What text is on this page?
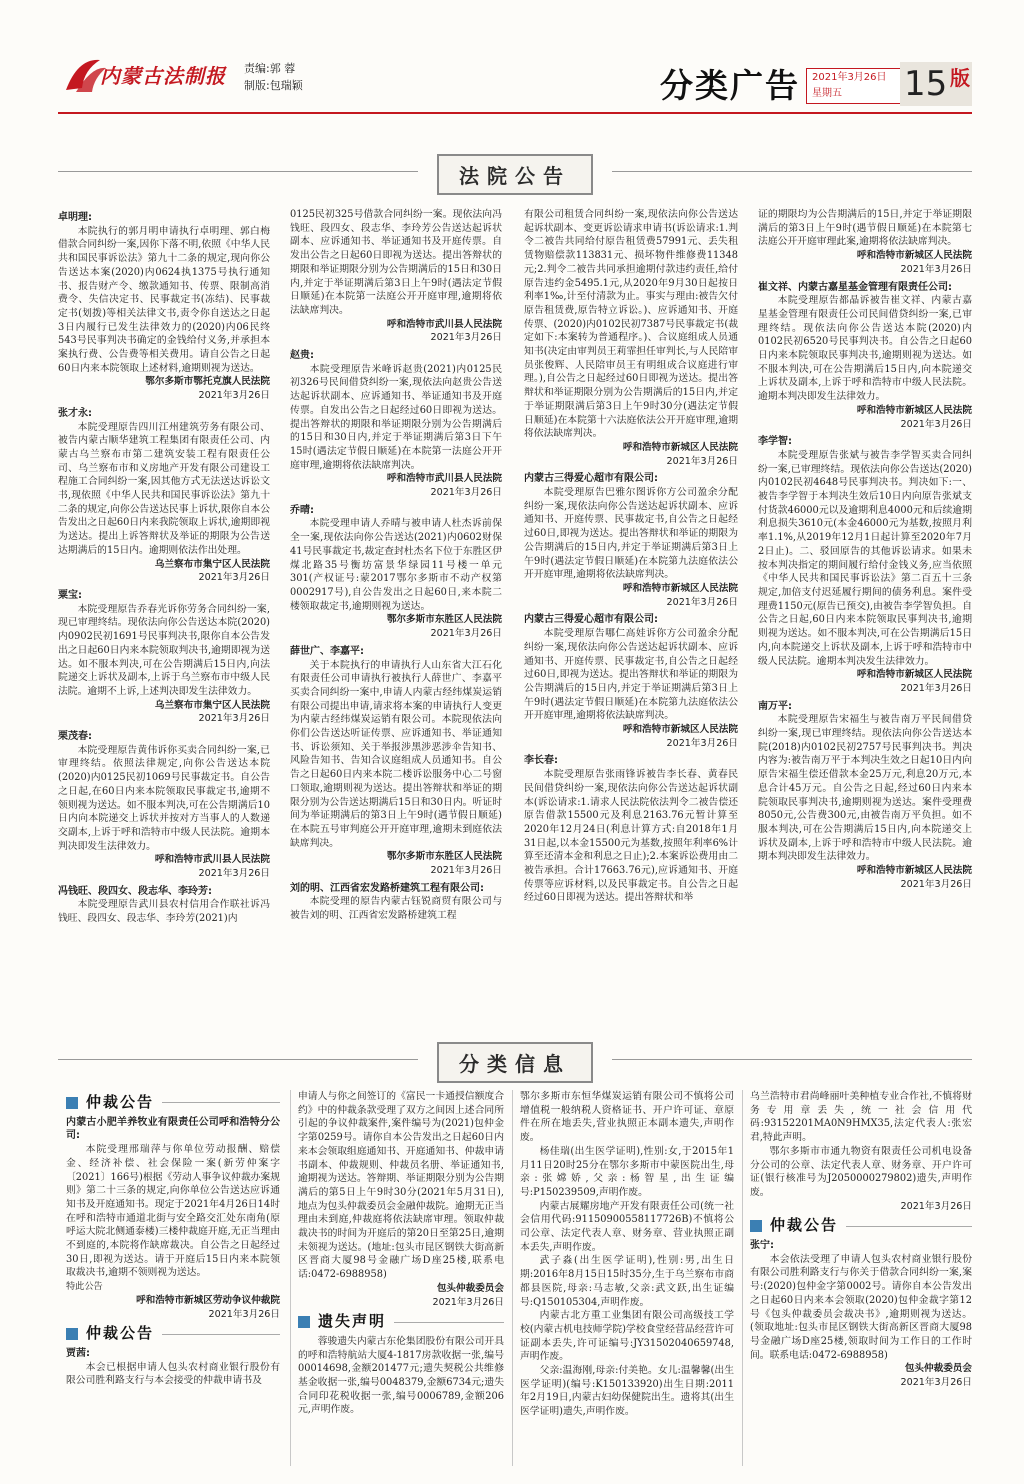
内蒙古法制报 责编:郭 蓉
制版:包瑞颖	分类广告 2021年3月26日
星期五	15 版
法院公告

卓明理:

本院执行的郭月明申请执行卓明理、郭白梅借款合同纠纷一案,因你下落不明,依照《中华人民共和国民事诉讼法》第九十二条的规定,现向你公告送达本案(2020)内0624执1375号执行通知书、报告财产令、缴款通知书、传票、限制高消费令、失信决定书、民事裁定书(冻结)、民事裁定书(划拨)等相关法律文书,责令你自送达之日起3日内履行已发生法律效力的(2020)内06民终543号民事判决书确定的金钱给付义务,并承担本案执行费、公告费等相关费用。请自公告之日起60日内来本院领取上述材料,逾期则视为送达。

鄂尔多斯市鄂托克旗人民法院

2021年3月26日

张才永:

本院受理原告四川江州建筑劳务有限公司、被告内蒙古顺华建筑工程集团有限责任公司、内蒙古乌兰察布市第二建筑安装工程有限责任公司、乌兰察布市和义房地产开发有限公司建设工程施工合同纠纷一案,因其他方式无法送达诉讼文书,现依照《中华人民共和国民事诉讼法》第九十二条的规定,向你公告送达民事上诉状,限你自本公告发出之日起60日内来我院领取上诉状,逾期即视为送达。提出上诉答辩状及举证的期限为公告送达期满后的15日内。逾期则依法作出处理。

乌兰察布市集宁区人民法院

2021年3月26日

粟宝:

本院受理原告乔春光诉你劳务合同纠纷一案,现已审理终结。现依法向你公告送达本院(2020)内0902民初1691号民事判决书,限你自本公告发出之日起60日内来本院领取判决书,逾期即视为送达。如不服本判决,可在公告期满后15日内,向法院递交上诉状及副本,上诉于乌兰察布市中级人民法院。逾期不上诉,上述判决即发生法律效力。

乌兰察布市集宁区人民法院

2021年3月26日

栗茂春:

本院受理原告黄伟诉你买卖合同纠纷一案,已审理终结。依照法律规定,向你公告送达本院(2020)内0125民初1069号民事裁定书。自公告之日起,在60日内来本院领取民事裁定书,逾期不领则视为送达。如不服本判决,可在公告期满后10日内向本院递交上诉状并按对方当事人的人数递交副本,上诉于呼和浩特市中级人民法院。逾期本判决即发生法律效力。

呼和浩特市武川县人民法院

2021年3月26日

冯钱旺、段四女、段志华、李玲芳:

本院受理原告武川县农村信用合作联社诉冯钱旺、段四女、段志华、李玲芳(2021)内

0125民初325号借款合同纠纷一案。现依法向冯钱旺、段四女、段志华、李玲芳公告送达起诉状副本、应诉通知书、举证通知书及开庭传票。自发出公告之日起60日即视为送达。提出答辩状的期限和举证期限分别为公告期满后的15日和30日内,并定于举证期满后第3日上午9时(遇法定节假日顺延)在本院第一法庭公开开庭审理,逾期将依法缺席判决。

呼和浩特市武川县人民法院

2021年3月26日

赵贵:

本院受理原告米峰诉赵贵(2021)内0125民初326号民间借贷纠纷一案,现依法向赵贵公告送达起诉状副本、应诉通知书、举证通知书及开庭传票。自发出公告之日起经过60日即视为送达。提出答辩状的期限和举证期限分别为公告期满后的15日和30日内,并定于举证期满后第3日下午15时(遇法定节假日顺延)在本院第一法庭公开开庭审理,逾期将依法缺席判决。

呼和浩特市武川县人民法院

2021年3月26日

乔晴:

本院受理申请人乔晴与被申请人杜杰诉前保全一案,现依法向你公告送达(2021)内0602财保41号民事裁定书,裁定查封杜杰名下位于东胜区伊煤北路35号衡坊富景华绿园11号楼一单元301(产权证号:蒙2017鄂尔多斯市不动产权第0002917号),自公告发出之日起60日,来本院二楼领取裁定书,逾期则视为送达。

鄂尔多斯市东胜区人民法院

2021年3月26日

薛世广、李嘉平:

关于本院执行的申请执行人山东省大江石化有限责任公司申请执行被执行人薛世广、李嘉平买卖合同纠纷一案中,申请人内蒙古经纬煤炭运销有限公司提出申请,请求将本案的申请执行人变更为内蒙古经纬煤炭运销有限公司。本院现依法向你们公告送达听证传票、应诉通知书、举证通知书、诉讼须知、关于举报涉黑涉恶涉伞告知书、风险告知书、告知合议庭组成人员通知书。自公告之日起60日内来本院二楼诉讼服务中心二号窗口领取,逾期则视为送达。提出答辩状和举证的期限分别为公告送达期满后15日和30日内。听证时间为举证期满后的第3日上午9时(遇节假日顺延)在本院五号审判庭公开开庭审理,逾期未到庭依法缺席判决。

鄂尔多斯市东胜区人民法院

2021年3月26日

刘的明、江西省宏发路桥建筑工程有限公司:

本院受理的原告内蒙古钰锐商贸有限公司与被告刘的明、江西省宏发路桥建筑工程

有限公司租赁合同纠纷一案,现依法向你公告送达起诉状副本、变更诉讼请求申请书(诉讼请求:1.判令二被告共同给付原告租赁费57991元、丢失租赁物赔偿款113831元、损坏物件维修费11348元;2.判令二被告共同承担逾期付款违约责任,给付原告违约金5495.1元,从2020年9月30日起按日利率1‰,计至付清款为止。事实与理由:被告欠付原告租赁费,原告特立诉讼。)、应诉通知书、开庭传票、(2020)内0102民初7387号民事裁定书(裁定如下:本案转为普通程序。)、合议庭组成人员通知书(决定由审判员王莉霏担任审判长,与人民陪审员张俊辉、人民陪审员王有明组成合议庭进行审理。),自公告之日起经过60日即视为送达。提出答辩状和举证期限分别为公告期满后的15日内,并定于举证期限满后第3日上午9时30分(遇法定节假日顺延)在本院第十六法庭依法公开开庭审理,逾期将依法缺席判决。

呼和浩特市新城区人民法院

2021年3月26日

内蒙古三得爱心超市有限公司:

本院受理原告巴雅尔图诉你方公司盈余分配纠纷一案,现依法向你公告送达起诉状副本、应诉通知书、开庭传票、民事裁定书,自公告之日起经过60日,即视为送达。提出答辩状和举证的期限为公告期满后的15日内,并定于举证期满后第3日上午9时(遇法定节假日顺延)在本院第九法庭依法公开开庭审理,逾期将依法缺席判决。

呼和浩特市新城区人民法院

2021年3月26日

内蒙古三得爱心超市有限公司:

本院受理原告哪仁高娃诉你方公司盈余分配纠纷一案,现依法向你公告送达起诉状副本、应诉通知书、开庭传票、民事裁定书,自公告之日起经过60日,即视为送达。提出答辩状和举证的期限为公告期满后的15日内,并定于举证期满后第3日上午9时(遇法定节假日顺延)在本院第九法庭依法公开开庭审理,逾期将依法缺席判决。

呼和浩特市新城区人民法院

2021年3月26日

李长春:

本院受理原告张雨锋诉被告李长春、黄春民民间借贷纠纷一案,现依法向你公告送达起诉状副本(诉讼请求:1.请求人民法院依法判令二被告偿还原告借款15500元及利息2163.76元暂计算至2020年12月24日(利息计算方式:自2018年1月31日起,以本金15500元为基数,按照年利率6%计算至还清本金和利息之日止);2.本案诉讼费用由二被告承担。合计17663.76元),应诉通知书、开庭传票等应诉材料,以及民事裁定书。自公告之日起经过60日即视为送达。提出答辩状和举

证的期限均为公告期满后的15日,并定于举证期限满后的第3日上午9时(遇节假日顺延)在本院第七法庭公开开庭审理此案,逾期将依法缺席判决。

呼和浩特市新城区人民法院

2021年3月26日

崔文祥、内蒙古嘉星基金管理有限责任公司:

本院受理原告都晶诉被告崔文祥、内蒙古嘉星基金管理有限责任公司民间借贷纠纷一案,已审理终结。现依法向你公告送达本院(2020)内0102民初6520号民事判决书。自公告之日起60日内来本院领取民事判决书,逾期则视为送达。如不服本判决,可在公告期满后15日内,向本院递交上诉状及副本,上诉于呼和浩特市中级人民法院。逾期本判决即发生法律效力。

呼和浩特市新城区人民法院

2021年3月26日

李学智:

本院受理原告张斌与被告李学智买卖合同纠纷一案,已审理终结。现依法向你公告送达(2020)内0102民初4648号民事判决书。判决如下:一、被告李学智于本判决生效后10日内向原告张斌支付货款46000元以及逾期利息4000元和后续逾期利息损失3610元(本金46000元为基数,按照月利率1.1%,从2019年12月1日起计算至2020年7月2日止)。二、驳回原告的其他诉讼请求。如果未按本判决指定的期间履行给付金钱义务,应当依照《中华人民共和国民事诉讼法》第二百五十三条规定,加倍支付迟延履行期间的债务利息。案件受理费1150元(原告已预交),由被告李学智负担。自公告之日起,60日内来本院领取民事判决书,逾期则视为送达。如不服本判决,可在公告期满后15日内,向本院递交上诉状及副本,上诉于呼和浩特市中级人民法院。逾期本判决发生法律效力。

呼和浩特市新城区人民法院

2021年3月26日

南万平:

本院受理原告宋福生与被告南万平民间借贷纠纷一案,现已审理终结。现依法向你公告送达本院(2018)内0102民初2757号民事判决书。判决内容为:被告南万平于本判决生效之日起10日内向原告宋福生偿还借款本金25万元,利息20万元,本息合计45万元。自公告之日起,经过60日内来本院领取民事判决书,逾期则视为送达。案件受理费8050元,公告费300元,由被告南万平负担。如不服本判决,可在公告期满后15日内,向本院递交上诉状及副本,上诉于呼和浩特市中级人民法院。逾期本判决即发生法律效力。

呼和浩特市新城区人民法院

2021年3月26日

分类信息
仲裁公告

内蒙古小肥羊养牧业有限责任公司呼和浩特分公司:

本院受理邢瑞萍与你单位劳动报酬、赔偿金、经济补偿、社会保险一案(新劳仲案字〔2021〕166号)根据《劳动人事争议仲裁办案规则》第二十三条的规定,向你单位公告送达应诉通知书及开庭通知书。现定于2021年4月26日14时在呼和浩特市通道北街与安全路交汇处东南角(原呼运大院北侧通泰楼)三楼仲裁庭开庭,无正当理由不到庭的,本院将作缺席裁决。自公告之日起经过30日,即视为送达。请于开庭后15日内来本院领取裁决书,逾期不领则视为送达。

特此公告

呼和浩特市新城区劳动争议仲裁院

2021年3月26日

仲裁公告

贾茜:

本会已根据申请人包头农村商业银行股份有限公司胜利路支行与本会接受的仲裁申请书及

申请人与你之间签订的《富民一卡通授信额度合约》中的仲裁条款受理了双方之间因上述合同所引起的争议仲裁案件,案件编号为(2021)包仲金字第0259号。请你自本公告发出之日起60日内来本会领取组庭通知书、开庭通知书、仲裁申请书副本、仲裁规则、仲裁员名册、举证通知书,逾期视为送达。答辩期、举证期限分别为公告期满后的第5日上午9时30分(2021年5月31日),地点为包头仲裁委员会金融仲裁院。逾期无正当理由未到庭,仲裁庭将依法缺席审理。领取仲裁裁决书的时间为开庭后的第20日至第25日,逾期未领视为送达。(地址:包头市昆区钢铁大街高新区晋商大厦98号金融广场D座25楼,联系电话:0472-6988958)

包头仲裁委员会

2021年3月26日

遗失声明

蓉骏遗失内蒙古东伦集团股份有限公司开具的呼和浩特航站大厦4-1817房款收据一张,编号00014698,金额201477元;遗失契税公共维修基金收据一张,编号0048379,金额6734元;遗失合同印花税收据一张,编号0006789,金额206元,声明作废。

鄂尔多斯市东恒华煤炭运销有限公司不慎将公司增值税一般纳税人资格证书、开户许可证、章原件在所在地丢失,营业执照正本副本遗失,声明作废。

杨佳瑞(出生医学证明),性别:女,于2015年1月11日20时25分在鄂尔多斯市中蒙医院出生,母亲:张嫦娇,父亲:杨智星,出生证编号:P150239509,声明作废。

内蒙古展耀房地产开发有限责任公司(统一社会信用代码:91150900558117726B)不慎将公司公章、法定代表人章、财务章、营业执照正副本丢失,声明作废。

武子淼(出生医学证明),性别:男,出生日期:2016年8月15日15时35分,生于乌兰察布市商都县医院,母亲:马志敏,父亲:武文跃,出生证编号:Q150105304,声明作废。

内蒙古北方重工业集团有限公司高级技工学校(内蒙古机电技师学院)学校食堂经营品经营许可证副本丢失,许可证编号:JY31502040659748,声明作废。

父亲:温海刚,母亲:付美艳。女儿:温馨馨(出生医学证明)(编号:K150133920)出生日期:2011年2月19日,内蒙古妇幼保健院出生。遗将其(出生医学证明)遗失,声明作废。

乌兰浩特市君尚峰丽叶美种植专业合作社,不慎将财务专用章丢失,统一社会信用代码:93152201MA0N9HMX35,法定代表人:张宏君,特此声明。

鄂尔多斯市市通九物资有限责任公司机电设备分公司的公章、法定代表人章、财务章、开户许可证(银行核准号为J2050000279802)遗失,声明作废。

2021年3月26日

仲裁公告

张宁:

本会依法受理了申请人包头农村商业银行股份有限公司胜利路支行与你关于借款合同纠纷一案,案号:(2020)包仲金字第0002号。请你自本公告发出之日起60日内来本会领取(2020)包仲金裁字第12号《包头仲裁委员会裁决书》,逾期则视为送达。(领取地址:包头市昆区钢铁大街高新区晋商大厦98号金融广场D座25楼,领取时间为工作日的工作时间。联系电话:0472-6988958)

包头仲裁委员会

2021年3月26日
